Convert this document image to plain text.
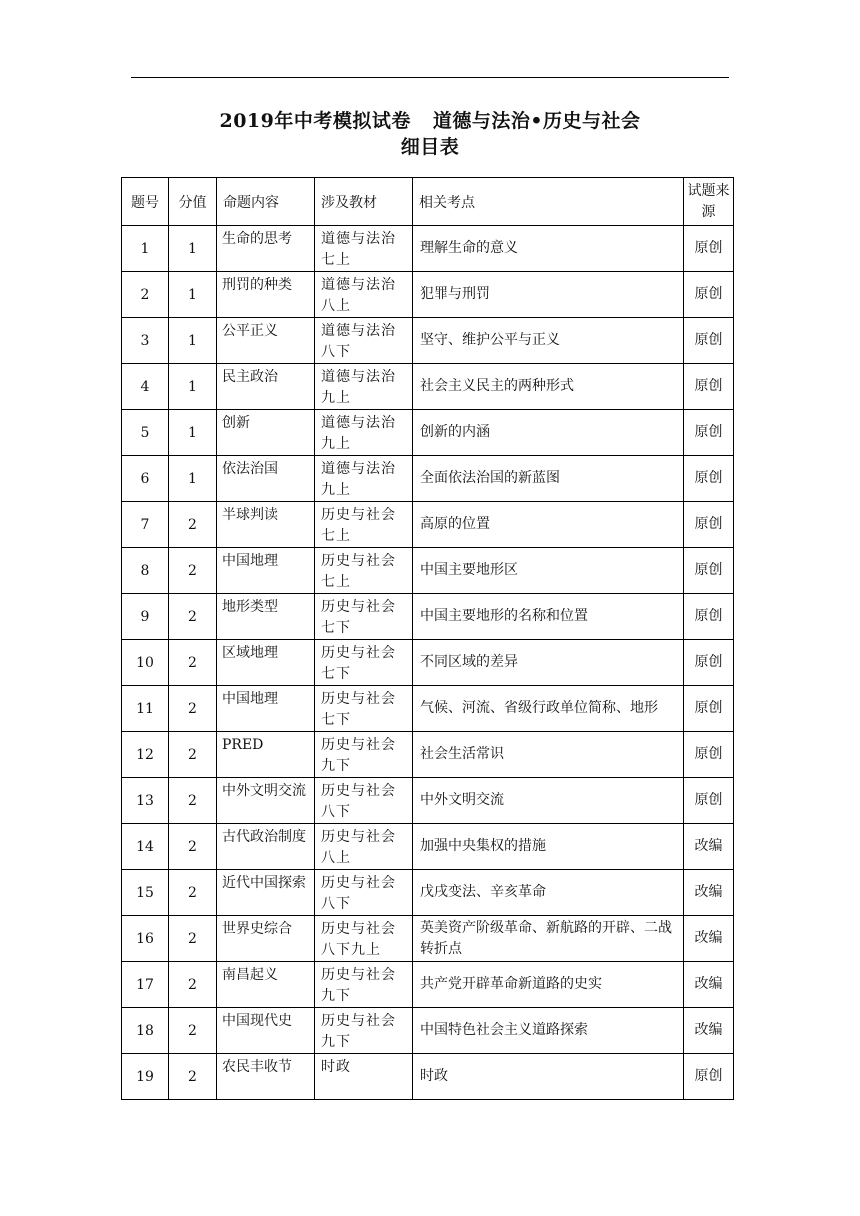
2019年中考模拟试卷 道德与法治•历史与社会
细目表
题号	分值	命题内容	涉及教材	相关考点	试题来源
1	1	生命的思考	道德与法治七上	理解生命的意义	原创
2	1	刑罚的种类	道德与法治八上	犯罪与刑罚	原创
3	1	公平正义	道德与法治八下	坚守、维护公平与正义	原创
4	1	民主政治	道德与法治九上	社会主义民主的两种形式	原创
5	1	创新	道德与法治九上	创新的内涵	原创
6	1	依法治国	道德与法治九上	全面依法治国的新蓝图	原创
7	2	半球判读	历史与社会七上	高原的位置	原创
8	2	中国地理	历史与社会七上	中国主要地形区	原创
9	2	地形类型	历史与社会七下	中国主要地形的名称和位置	原创
10	2	区域地理	历史与社会七下	不同区域的差异	原创
11	2	中国地理	历史与社会七下	气候、河流、省级行政单位简称、地形	原创
12	2	PRED	历史与社会九下	社会生活常识	原创
13	2	中外文明交流	历史与社会八下	中外文明交流	原创
14	2	古代政治制度	历史与社会八上	加强中央集权的措施	改编
15	2	近代中国探索	历史与社会八下	戊戌变法、辛亥革命	改编
16	2	世界史综合	历史与社会八下九上	英美资产阶级革命、新航路的开辟、二战转折点	改编
17	2	南昌起义	历史与社会九下	共产党开辟革命新道路的史实	改编
18	2	中国现代史	历史与社会九下	中国特色社会主义道路探索	改编
19	2	农民丰收节	时政	时政	原创
